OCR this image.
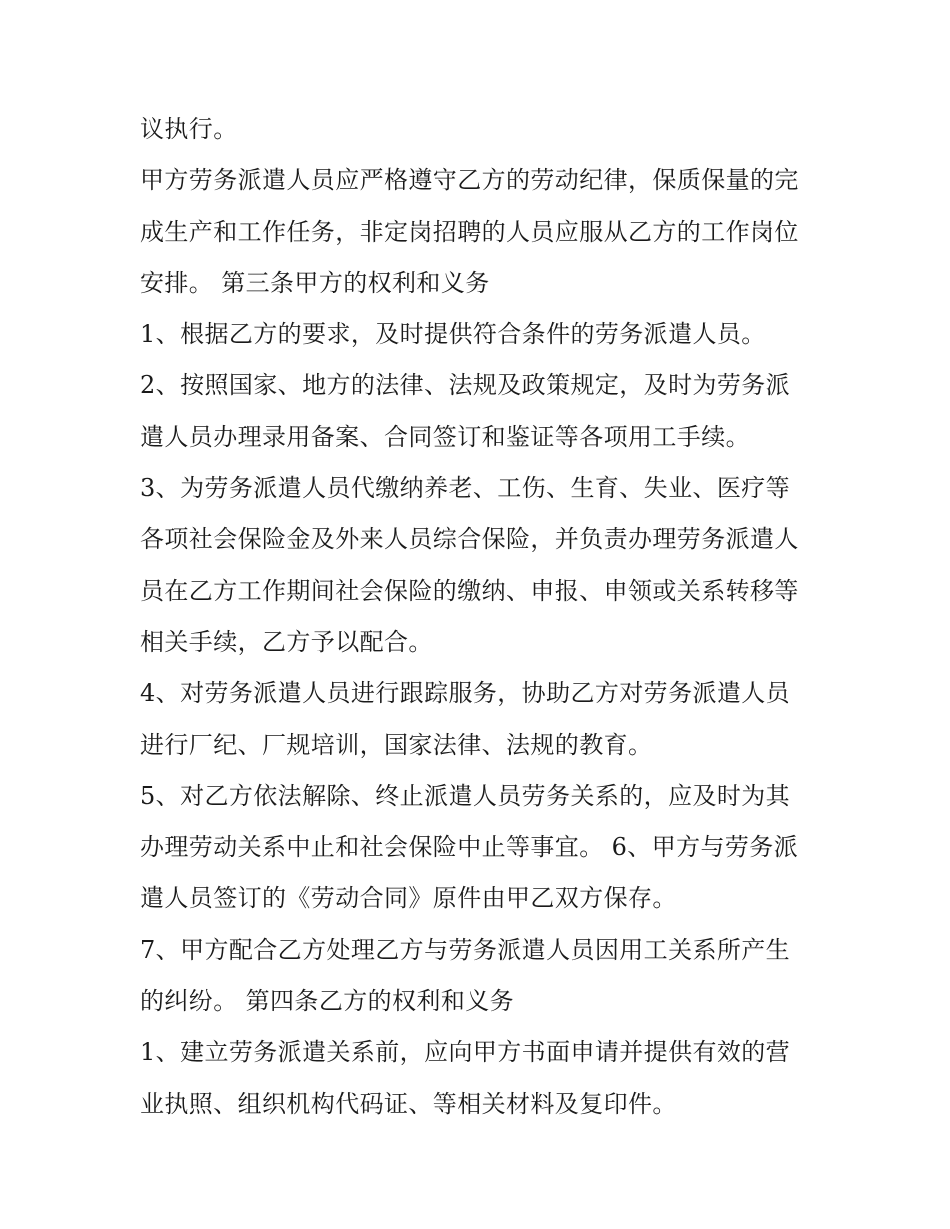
议执行。
甲方劳务派遣人员应严格遵守乙方的劳动纪律，保质保量的完
成生产和工作任务，非定岗招聘的人员应服从乙方的工作岗位
安排。 第三条甲方的权利和义务
1、根据乙方的要求，及时提供符合条件的劳务派遣人员。
2、按照国家、地方的法律、法规及政策规定，及时为劳务派
遣人员办理录用备案、合同签订和鉴证等各项用工手续。
3、为劳务派遣人员代缴纳养老、工伤、生育、失业、医疗等
各项社会保险金及外来人员综合保险，并负责办理劳务派遣人
员在乙方工作期间社会保险的缴纳、申报、申领或关系转移等
相关手续，乙方予以配合。
4、对劳务派遣人员进行跟踪服务，协助乙方对劳务派遣人员
进行厂纪、厂规培训，国家法律、法规的教育。
5、对乙方依法解除、终止派遣人员劳务关系的，应及时为其
办理劳动关系中止和社会保险中止等事宜。 6、甲方与劳务派
遣人员签订的《劳动合同》原件由甲乙双方保存。
7、甲方配合乙方处理乙方与劳务派遣人员因用工关系所产生
的纠纷。 第四条乙方的权利和义务
1、建立劳务派遣关系前，应向甲方书面申请并提供有效的营
业执照、组织机构代码证、等相关材料及复印件。
